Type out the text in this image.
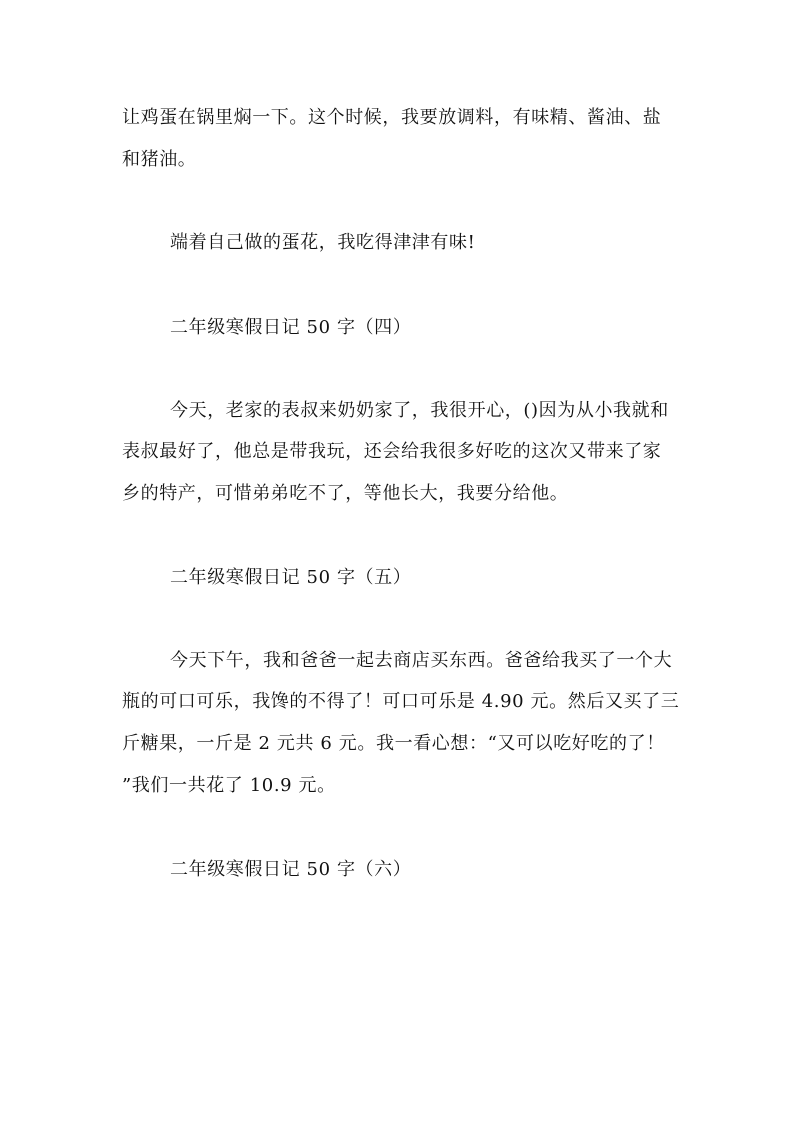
让鸡蛋在锅里焖一下。这个时候，我要放调料，有味精、酱油、盐
和猪油。
端着自己做的蛋花，我吃得津津有味!
二年级寒假日记 50 字（四）
今天，老家的表叔来奶奶家了，我很开心，()因为从小我就和
表叔最好了，他总是带我玩，还会给我很多好吃的这次又带来了家
乡的特产，可惜弟弟吃不了，等他长大，我要分给他。
二年级寒假日记 50 字（五）
今天下午，我和爸爸一起去商店买东西。爸爸给我买了一个大
瓶的可口可乐，我馋的不得了！可口可乐是 4.90 元。然后又买了三
斤糖果，一斤是 2 元共 6 元。我一看心想：“又可以吃好吃的了！
”我们一共花了 10.9 元。
二年级寒假日记 50 字（六）
